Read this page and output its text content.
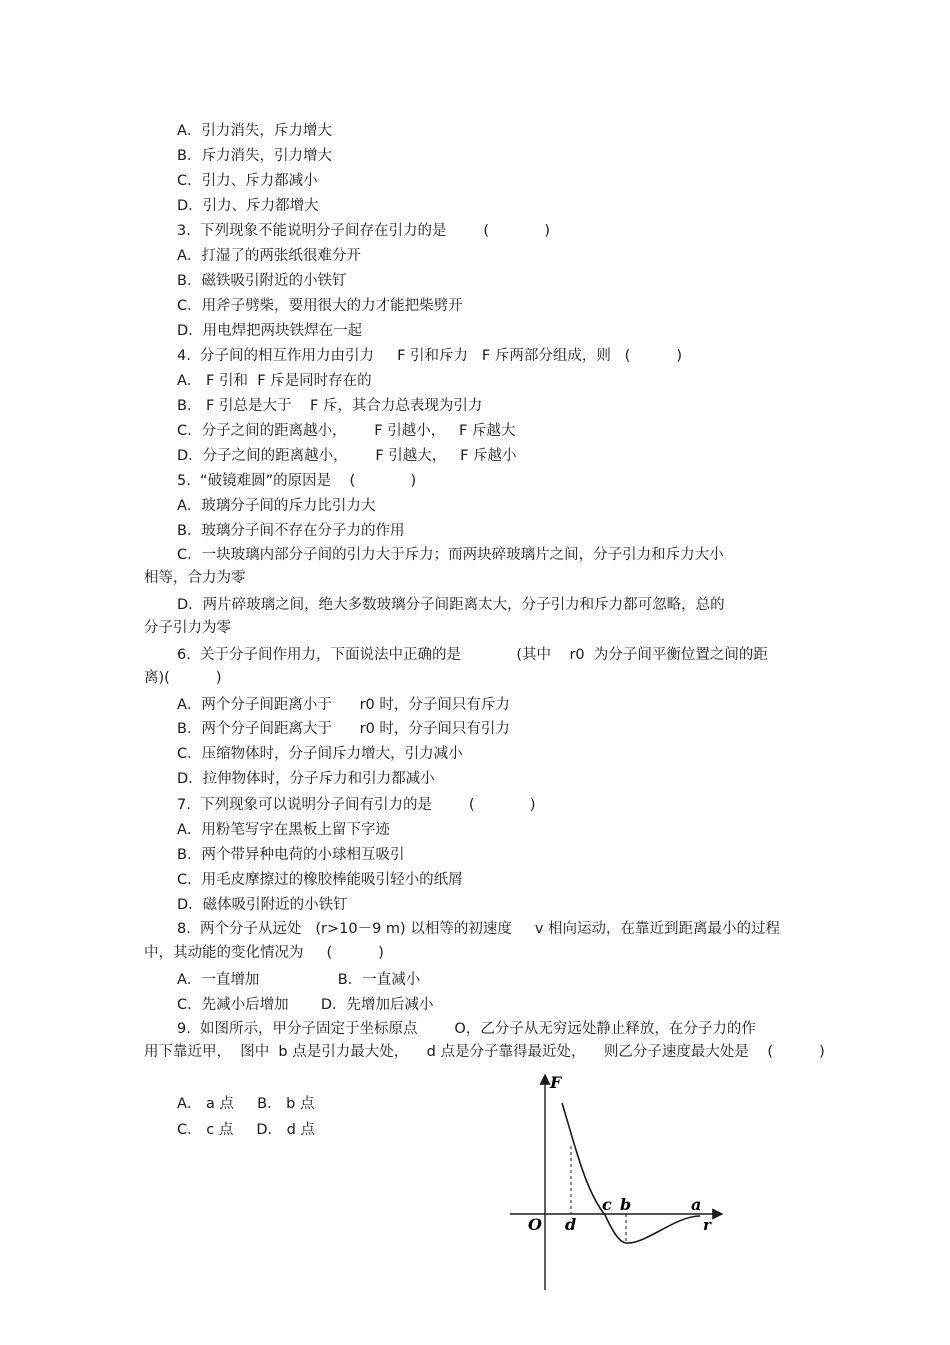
A．引力消失，斥力增大
B．斥力消失，引力增大
C．引力、斥力都减小
D．引力、斥力都增大
3.  下列现象不能说明分子间存在引力的是        (            )
A．打湿了的两张纸很难分开
B．磁铁吸引附近的小铁钉
C．用斧子劈柴，要用很大的力才能把柴劈开
D．用电焊把两块铁焊在一起
4.  分子间的相互作用力由引力     F 引和斥力   F 斥两部分组成，则   (          )
A． F 引和  F 斥是同时存在的
B． F 引总是大于    F 斥，其合力总表现为引力
C．分子之间的距离越小，      F 引越小，   F 斥越大
D．分子之间的距离越小，      F 引越大，   F 斥越小
5.  “破镜难圆”的原因是    (            )
A．玻璃分子间的斥力比引力大
B．玻璃分子间不存在分子力的作用
C．一块玻璃内部分子间的引力大于斥力；而两块碎玻璃片之间，分子引力和斥力大小
相等，合力为零
D．两片碎玻璃之间，绝大多数玻璃分子间距离太大，分子引力和斥力都可忽略，总的
分子引力为零
6.  关于分子间作用力，下面说法中正确的是            (其中    r0  为分子间平衡位置之间的距
离)(          )
A．两个分子间距离小于      r0 时，分子间只有斥力
B．两个分子间距离大于      r0 时，分子间只有引力
C．压缩物体时，分子间斥力增大，引力减小
D．拉伸物体时，分子斥力和引力都减小
7.  下列现象可以说明分子间有引力的是        (            )
A．用粉笔写字在黑板上留下字迹
B．两个带异种电荷的小球相互吸引
C．用毛皮摩擦过的橡胶棒能吸引轻小的纸屑
D．磁体吸引附近的小铁钉
8.  两个分子从远处   (r>10－9 m) 以相等的初速度     v 相向运动，在靠近到距离最小的过程
中，其动能的变化情况为     (          )
A．一直增加                 B．一直减小
C．先减小后增加       D．先增加后减小
9.  如图所示，甲分子固定于坐标原点        O，乙分子从无穷远处静止释放，在分子力的作
用下靠近甲，  图中  b 点是引力最大处，    d 点是分子靠得最近处，    则乙分子速度最大处是    (          )
A． a 点     B． b 点
C． c 点     D． d 点
F
O	r
a
b
c
d
